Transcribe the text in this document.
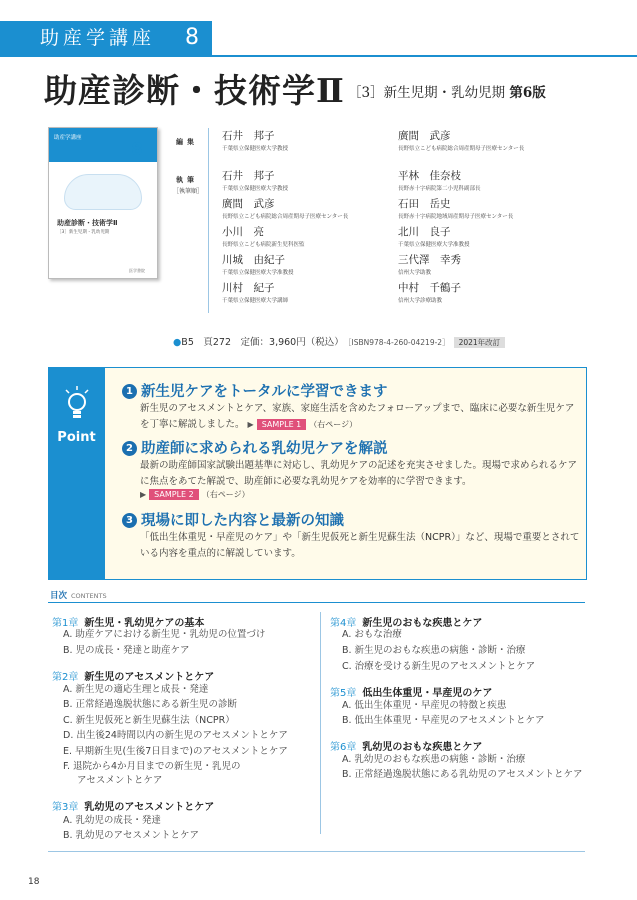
助産学講座	8
助産診断・技術学Ⅱ ［3］新生児期・乳幼児期 第6版
助産学講座
8
助産診断・技術学Ⅱ
［3］新生児期・乳幼児期
医学書院
編集 石井　邦子
千葉県立保健医療大学教授
廣間　武彦
長野県立こども病院総合周産期母子医療センター長
執筆
［執筆順］
石井　邦子
千葉県立保健医療大学教授
平林　佳奈枝
長野赤十字病院第二小児科副部長
廣間　武彦
長野県立こども病院総合周産期母子医療センター長
石田　岳史
長野赤十字病院地域周産期母子医療センター長
小川　亮
長野県立こども病院新生児科医監
北川　良子
千葉県立保健医療大学准教授
川城　由紀子
千葉県立保健医療大学准教授
三代澤　幸秀
信州大学助教
川村　紀子
千葉県立保健医療大学講師
中村　千鶴子
信州大学診療助教
●B5　 頁272　 定価：3,960円（税込） ［ISBN978-4-260-04219-2］ 2021年改訂
Point
1 新生児ケアをトータルに学習できます
新生児のアセスメントとケア、家族、家庭生活を含めたフォローアップまで、臨床に必要な新生児ケアを丁寧に解説しました。 ▶ SAMPLE 1 （右ページ）
2 助産師に求められる乳幼児ケアを解説
最新の助産師国家試験出題基準に対応し、乳幼児ケアの記述を充実させました。現場で求められるケアに焦点をあてた解説で、助産師に必要な乳幼児ケアを効率的に学習できます。
▶ SAMPLE 2 （右ページ）
3 現場に即した内容と最新の知識
「低出生体重児・早産児のケア」や「新生児仮死と新生児蘇生法（NCPR）」など、現場で重要とされている内容を重点的に解説しています。
目次 CONTENTS
第1章 新生児・乳幼児ケアの基本
A. 助産ケアにおける新生児・乳幼児の位置づけ
B. 児の成長・発達と助産ケア
第2章 新生児のアセスメントとケア
A. 新生児の適応生理と成長・発達
B. 正常経過逸脱状態にある新生児の診断
C. 新生児仮死と新生児蘇生法（NCPR）
D. 出生後24時間以内の新生児のアセスメントとケア
E. 早期新生児(生後7日目まで)のアセスメントとケア
F. 退院から4か月目までの新生児・乳児の
アセスメントとケア
第3章 乳幼児のアセスメントとケア
A. 乳幼児の成長・発達
B. 乳幼児のアセスメントとケア
第4章 新生児のおもな疾患とケア
A. おもな治療
B. 新生児のおもな疾患の病態・診断・治療
C. 治療を受ける新生児のアセスメントとケア
第5章 低出生体重児・早産児のケア
A. 低出生体重児・早産児の特徴と疾患
B. 低出生体重児・早産児のアセスメントとケア
第6章 乳幼児のおもな疾患とケア
A. 乳幼児のおもな疾患の病態・診断・治療
B. 正常経過逸脱状態にある乳幼児のアセスメントとケア
18
